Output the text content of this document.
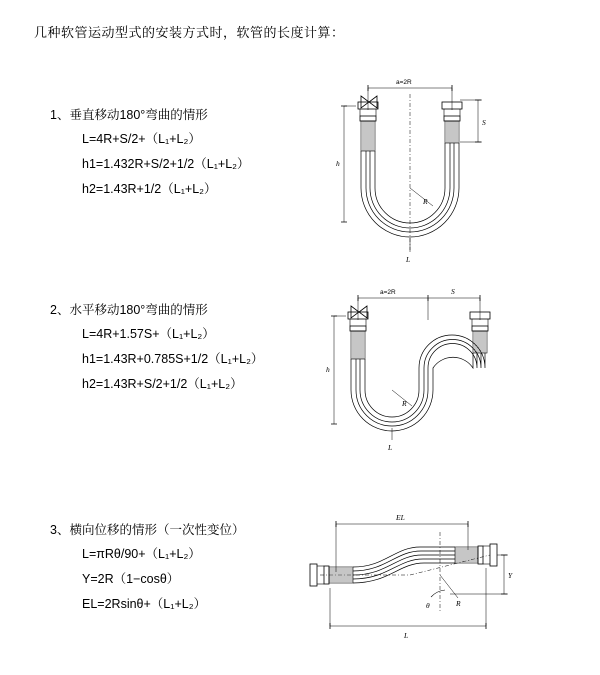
几种软管运动型式的安装方式时，软管的长度计算：
1、垂直移动180°弯曲的情形
L=4R+S/2+（L₁+L₂）
h1=1.432R+S/2+1/2（L₁+L₂）
h2=1.43R+1/2（L₁+L₂）
a=2R
S
R
h
L
2、水平移动180°弯曲的情形
L=4R+1.57S+（L₁+L₂）
h1=1.43R+0.785S+1/2（L₁+L₂）
h2=1.43R+S/2+1/2（L₁+L₂）
a=2R	S
R
h
L
3、横向位移的情形（一次性变位）
L=πRθ/90+（L₁+L₂）
Y=2R（1−cosθ）
EL=2Rsinθ+（L₁+L₂）
EL
Y
θ	R
L
